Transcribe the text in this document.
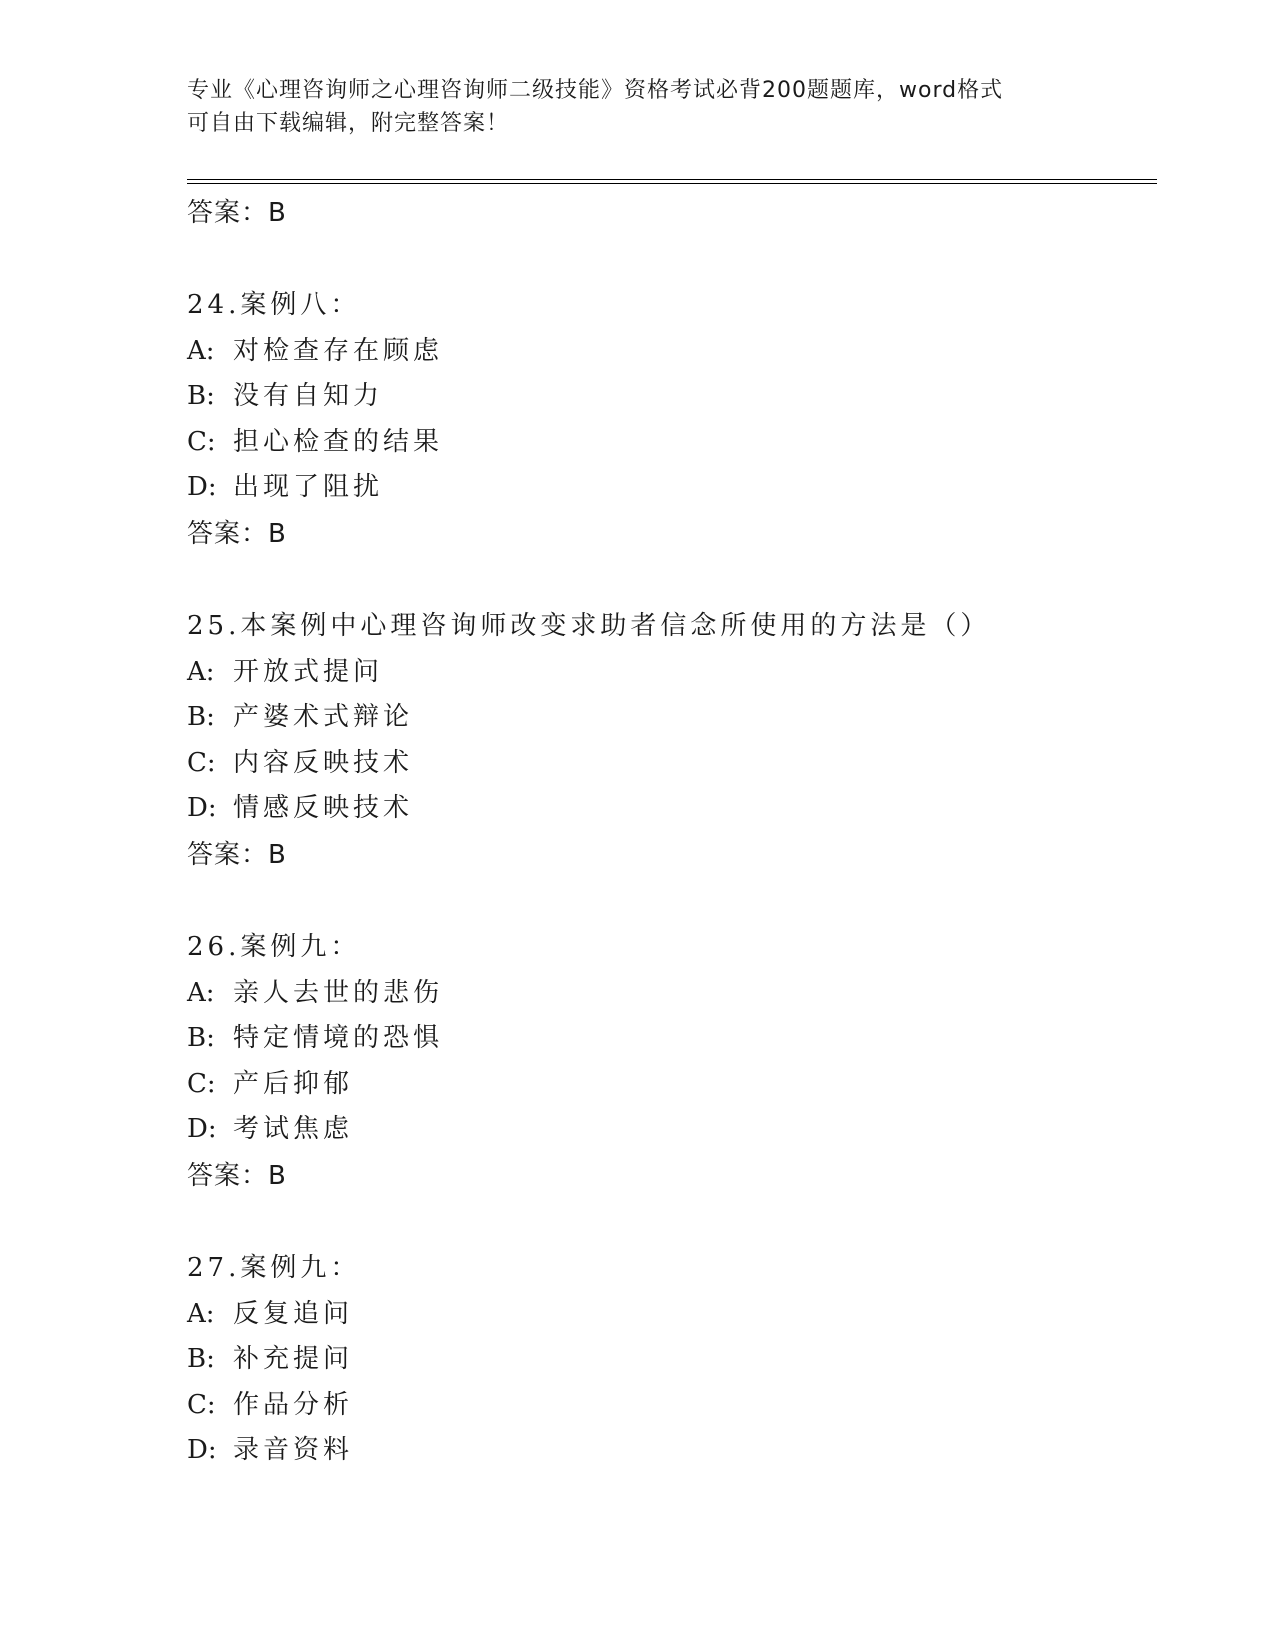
专业《心理咨询师之心理咨询师二级技能》资格考试必背200题题库，word格式
可自由下载编辑，附完整答案！
答案：B
24.案例八：
A: 对检查存在顾虑
B: 没有自知力
C: 担心检查的结果
D: 出现了阻扰
答案：B
25.本案例中心理咨询师改变求助者信念所使用的方法是（）
A: 开放式提问
B: 产婆术式辩论
C: 内容反映技术
D: 情感反映技术
答案：B
26.案例九：
A: 亲人去世的悲伤
B: 特定情境的恐惧
C: 产后抑郁
D: 考试焦虑
答案：B
27.案例九：
A: 反复追问
B: 补充提问
C: 作品分析
D: 录音资料
